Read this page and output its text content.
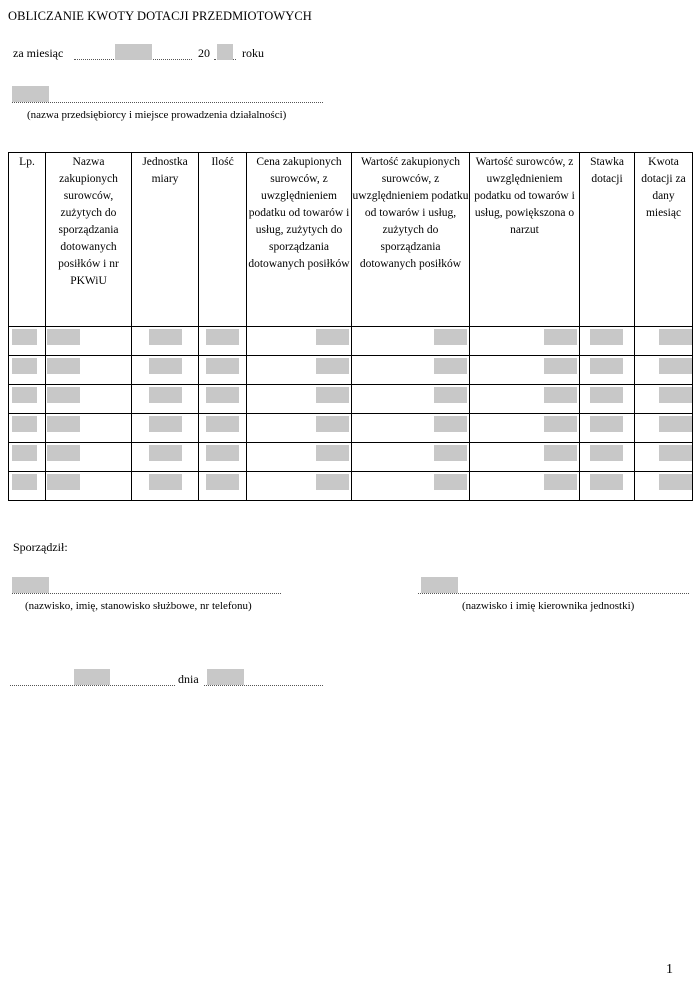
OBLICZANIE KWOTY DOTACJI PRZEDMIOTOWYCH
za miesiąc	20	roku
(nazwa przedsiębiorcy i miejsce prowadzenia działalności)
Lp.	Nazwa zakupionych surowców, zużytych do sporządzania dotowanych posiłków i nr PKWiU	Jednostka miary	Ilość	Cena zakupionych surowców, z uwzględnieniem podatku od towarów i usług, zużytych do sporządzania dotowanych posiłków	Wartość zakupionych surowców, z uwzględnieniem podatku od towarów i usług, zużytych do sporządzania dotowanych posiłków	Wartość surowców, z uwzględnieniem podatku od towarów i usług, powiększona o narzut	Stawka dotacji	Kwota dotacji za dany miesiąc

Sporządził:
(nazwisko, imię, stanowisko służbowe, nr telefonu)	(nazwisko i imię kierownika jednostki)
dnia
1
